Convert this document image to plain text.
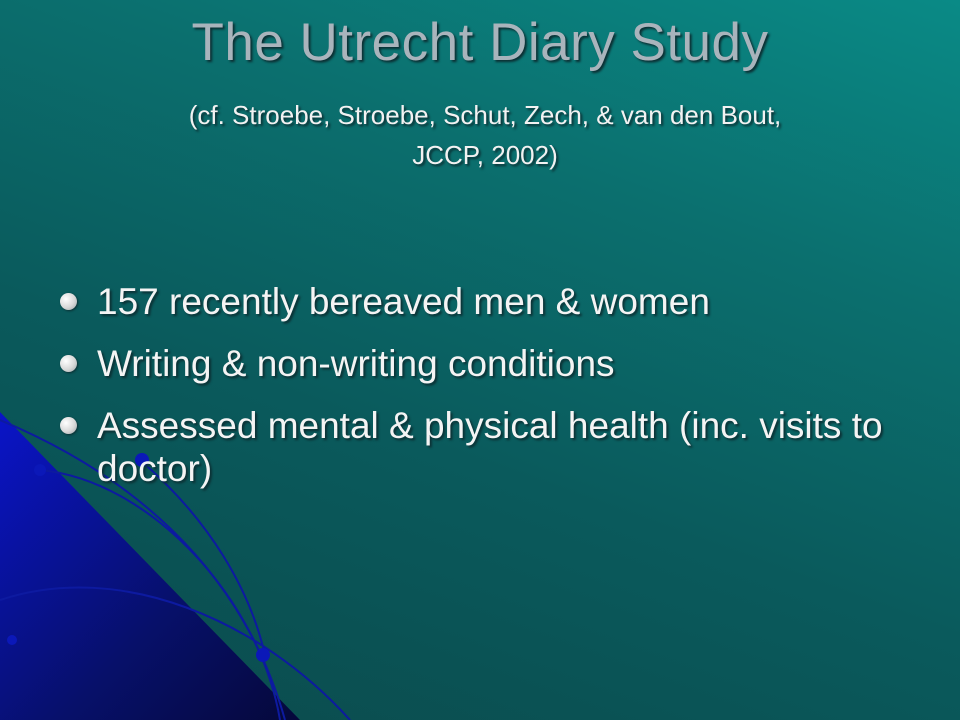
The Utrecht Diary Study
(cf. Stroebe, Stroebe, Schut, Zech, & van den Bout,
JCCP, 2002)
157 recently bereaved men & women
Writing & non-writing conditions
Assessed mental & physical health (inc. visits to doctor)
